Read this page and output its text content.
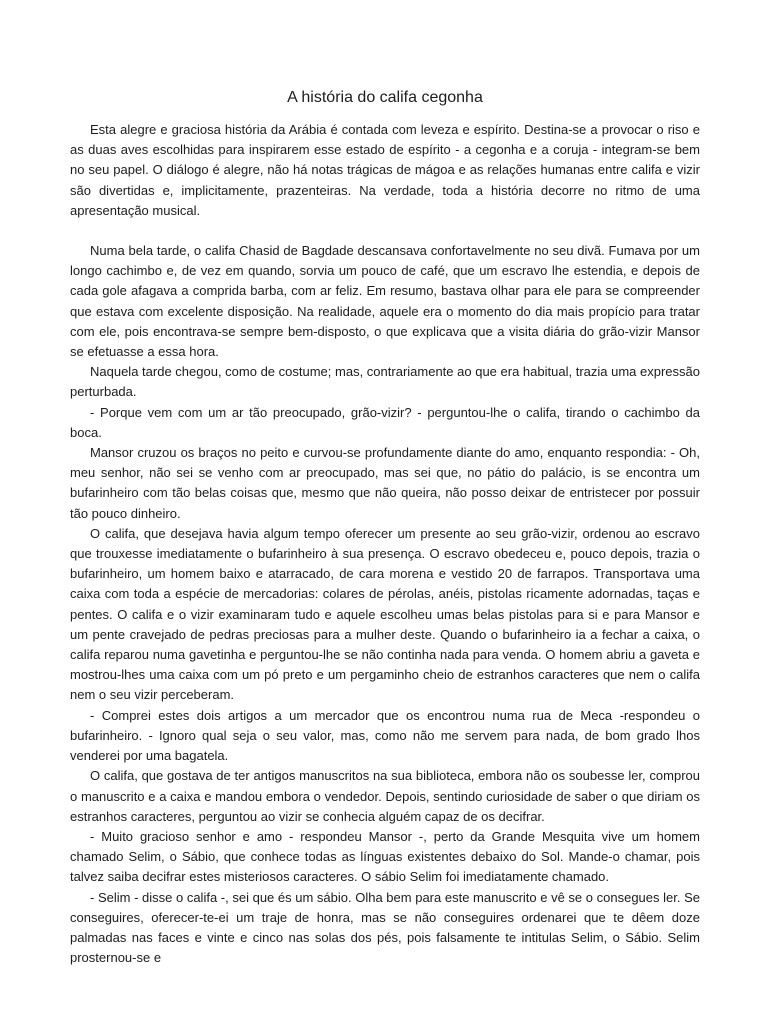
A história do califa cegonha

Esta alegre e graciosa história da Arábia é contada com leveza e espírito. Destina-se a provocar o riso e as duas aves escolhidas para inspirarem esse estado de espírito - a cegonha e a coruja - integram-se bem no seu papel. O diálogo é alegre, não há notas trágicas de mágoa e as relações humanas entre califa e vizir são divertidas e, implicitamente, prazenteiras. Na verdade, toda a história decorre no ritmo de uma apresentação musical.

Numa bela tarde, o califa Chasid de Bagdade descansava confortavelmente no seu divã. Fumava por um longo cachimbo e, de vez em quando, sorvia um pouco de café, que um escravo lhe estendia, e depois de cada gole afagava a comprida barba, com ar feliz. Em resumo, bastava olhar para ele para se compreender que estava com excelente disposição. Na realidade, aquele era o momento do dia mais propício para tratar com ele, pois encontrava-se sempre bem-disposto, o que explicava que a visita diária do grão-vizir Mansor se efetuasse a essa hora.

Naquela tarde chegou, como de costume; mas, contrariamente ao que era habitual, trazia uma expressão perturbada.

- Porque vem com um ar tão preocupado, grão-vizir? - perguntou-lhe o califa, tirando o cachimbo da boca.

Mansor cruzou os braços no peito e curvou-se profundamente diante do amo, enquanto respondia: - Oh, meu senhor, não sei se venho com ar preocupado, mas sei que, no pátio do palácio, is se encontra um bufarinheiro com tão belas coisas que, mesmo que não queira, não posso deixar de entristecer por possuir tão pouco dinheiro.

O califa, que desejava havia algum tempo oferecer um presente ao seu grão-vizir, ordenou ao escravo que trouxesse imediatamente o bufarinheiro à sua presença. O escravo obedeceu e, pouco depois, trazia o bufarinheiro, um homem baixo e atarracado, de cara morena e vestido 20 de farrapos. Transportava uma caixa com toda a espécie de mercadorias: colares de pérolas, anéis, pistolas ricamente adornadas, taças e pentes. O califa e o vizir examinaram tudo e aquele escolheu umas belas pistolas para si e para Mansor e um pente cravejado de pedras preciosas para a mulher deste. Quando o bufarinheiro ia a fechar a caixa, o califa reparou numa gavetinha e perguntou-lhe se não continha nada para venda. O homem abriu a gaveta e mostrou-lhes uma caixa com um pó preto e um pergaminho cheio de estranhos caracteres que nem o califa nem o seu vizir perceberam.

- Comprei estes dois artigos a um mercador que os encontrou numa rua de Meca -respondeu o bufarinheiro. - Ignoro qual seja o seu valor, mas, como não me servem para nada, de bom grado lhos venderei por uma bagatela.

O califa, que gostava de ter antigos manuscritos na sua biblioteca, embora não os soubesse ler, comprou o manuscrito e a caixa e mandou embora o vendedor. Depois, sentindo curiosidade de saber o que diriam os estranhos caracteres, perguntou ao vizir se conhecia alguém capaz de os decifrar.

- Muito gracioso senhor e amo - respondeu Mansor -, perto da Grande Mesquita vive um homem chamado Selim, o Sábio, que conhece todas as línguas existentes debaixo do Sol. Mande-o chamar, pois talvez saiba decifrar estes misteriosos caracteres. O sábio Selim foi imediatamente chamado.

- Selim - disse o califa -, sei que és um sábio. Olha bem para este manuscrito e vê se o consegues ler. Se conseguires, oferecer-te-ei um traje de honra, mas se não conseguires ordenarei que te dêem doze palmadas nas faces e vinte e cinco nas solas dos pés, pois falsamente te intitulas Selim, o Sábio. Selim prosternou-se e
